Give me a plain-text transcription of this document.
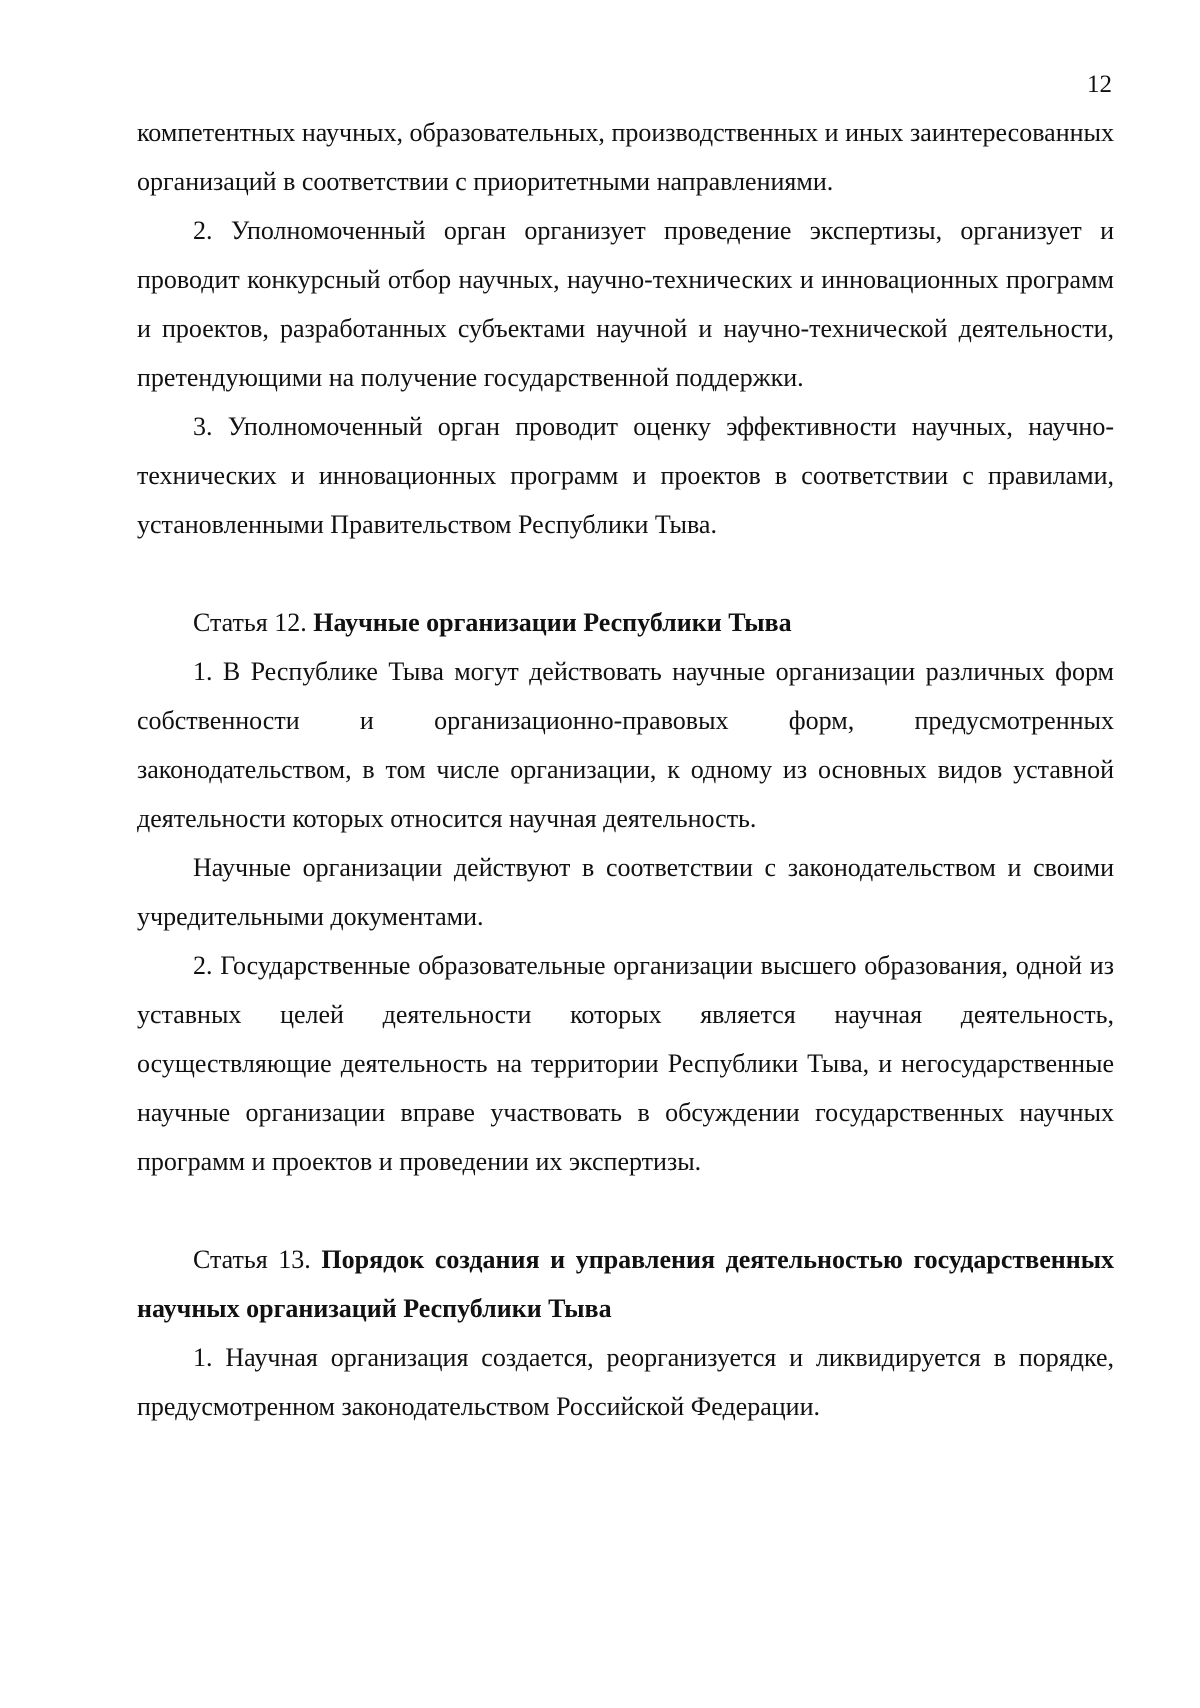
12

компетентных научных, образовательных, производственных и иных заинтересованных организаций в соответствии с приоритетными направлениями.

2. Уполномоченный орган организует проведение экспертизы, организует и проводит конкурсный отбор научных, научно-технических и инновационных программ и проектов, разработанных субъектами научной и научно-технической деятельности, претендующими на получение государственной поддержки.

3. Уполномоченный орган проводит оценку эффективности научных, научно-технических и инновационных программ и проектов в соответствии с правилами, установленными Правительством Республики Тыва.

Статья 12. Научные организации Республики Тыва

1. В Республике Тыва могут действовать научные организации различных форм собственности и организационно-правовых форм, предусмотренных законодательством, в том числе организации, к одному из основных видов уставной деятельности которых относится научная деятельность.

Научные организации действуют в соответствии с законодательством и своими учредительными документами.

2. Государственные образовательные организации высшего образования, одной из уставных целей деятельности которых является научная деятельность, осуществляющие деятельность на территории Республики Тыва, и негосударственные научные организации вправе участвовать в обсуждении государственных научных программ и проектов и проведении их экспертизы.

Статья 13. Порядок создания и управления деятельностью государственных научных организаций Республики Тыва

1. Научная организация создается, реорганизуется и ликвидируется в порядке, предусмотренном законодательством Российской Федерации.
